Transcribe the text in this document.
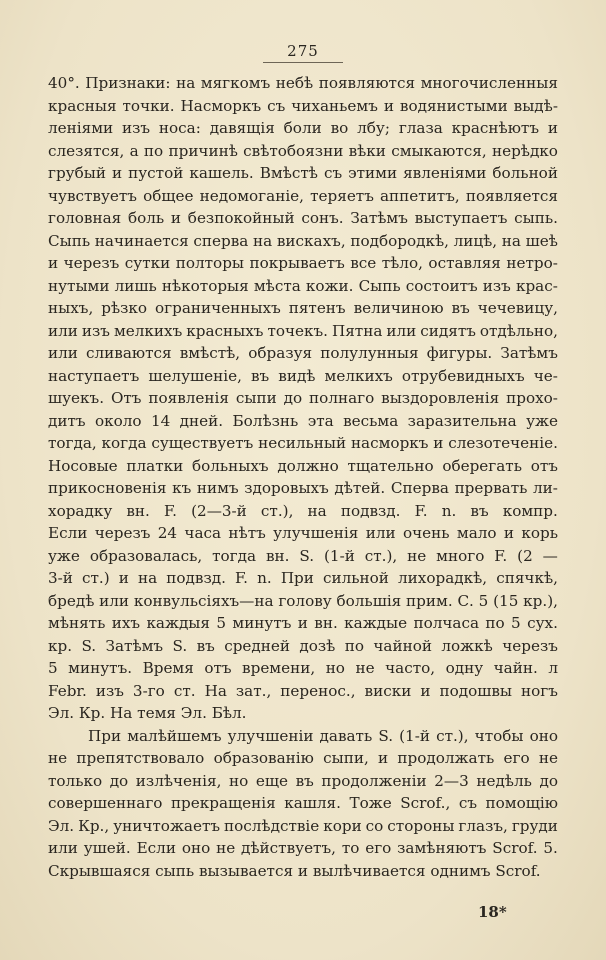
275
40°. Признаки: на мягкомъ небѣ появляются многочисленныя
красныя точки. Насморкъ съ чиханьемъ и водянистыми выдѣ-
леніями изъ носа: давящія боли во лбу; глаза краснѣютъ и
слезятся, а по причинѣ свѣтобоязни вѣки смыкаются, нерѣдко
грубый и пустой кашель. Вмѣстѣ съ этими явленіями больной
чувствуетъ общее недомоганіе, теряетъ аппетитъ, появляется
головная боль и безпокойный сонъ. Затѣмъ выступаетъ сыпь.
Сыпь начинается сперва на вискахъ, подбородкѣ, лицѣ, на шеѣ
и черезъ сутки полторы покрываетъ все тѣло, оставляя нетро-
нутыми лишь нѣкоторыя мѣста кожи. Сыпь состоитъ изъ крас-
ныхъ, рѣзко ограниченныхъ пятенъ величиною въ чечевицу,
или изъ мелкихъ красныхъ точекъ. Пятна или сидятъ отдѣльно,
или сливаются вмѣстѣ, образуя полулунныя фигуры. Затѣмъ
наступаетъ шелушеніе, въ видѣ мелкихъ отрубевидныхъ че-
шуекъ. Отъ появленія сыпи до полнаго выздоровленія прохо-
дитъ около 14 дней. Болѣзнь эта весьма заразительна уже
тогда, когда существуетъ несильный насморкъ и слезотеченіе.
Носовые платки больныхъ должно тщательно оберегать отъ
прикосновенія къ нимъ здоровыхъ дѣтей. Сперва прервать ли-
хорадку вн. F. (2—3-й ст.), на подвзд. F. n. въ компр.
Если черезъ 24 часа нѣтъ улучшенія или очень мало и корь
уже образовалась, тогда вн. S. (1-й ст.), не много F. (2 —
3-й ст.) и на подвзд. F. n. При сильной лихорадкѣ, спячкѣ,
бредѣ или конвульсіяхъ—на голову большія прим. С. 5 (15 кр.),
мѣнять ихъ каждыя 5 минутъ и вн. каждые полчаса по 5 сух.
кр. S. Затѣмъ S. въ средней дозѣ по чайной ложкѣ черезъ
5 минутъ. Время отъ времени, но не часто, одну чайн. л
Febr. изъ 3-го ст. На зат., перенос., виски и подошвы ногъ
Эл. Кр. На темя Эл. Бѣл.
При малѣйшемъ улучшеніи давать S. (1-й ст.), чтобы оно
не препятствовало образованію сыпи, и продолжать его не
только до излѣченія, но еще въ продолженіи 2—3 недѣль до
совершеннаго прекращенія кашля. Тоже Scrof., съ помощію
Эл. Кр., уничтожаетъ послѣдствіе кори со стороны глазъ, груди
или ушей. Если оно не дѣйствуетъ, то его замѣняютъ Scrof. 5.
Скрывшаяся сыпь вызывается и вылѣчивается однимъ Scrof.
18*
